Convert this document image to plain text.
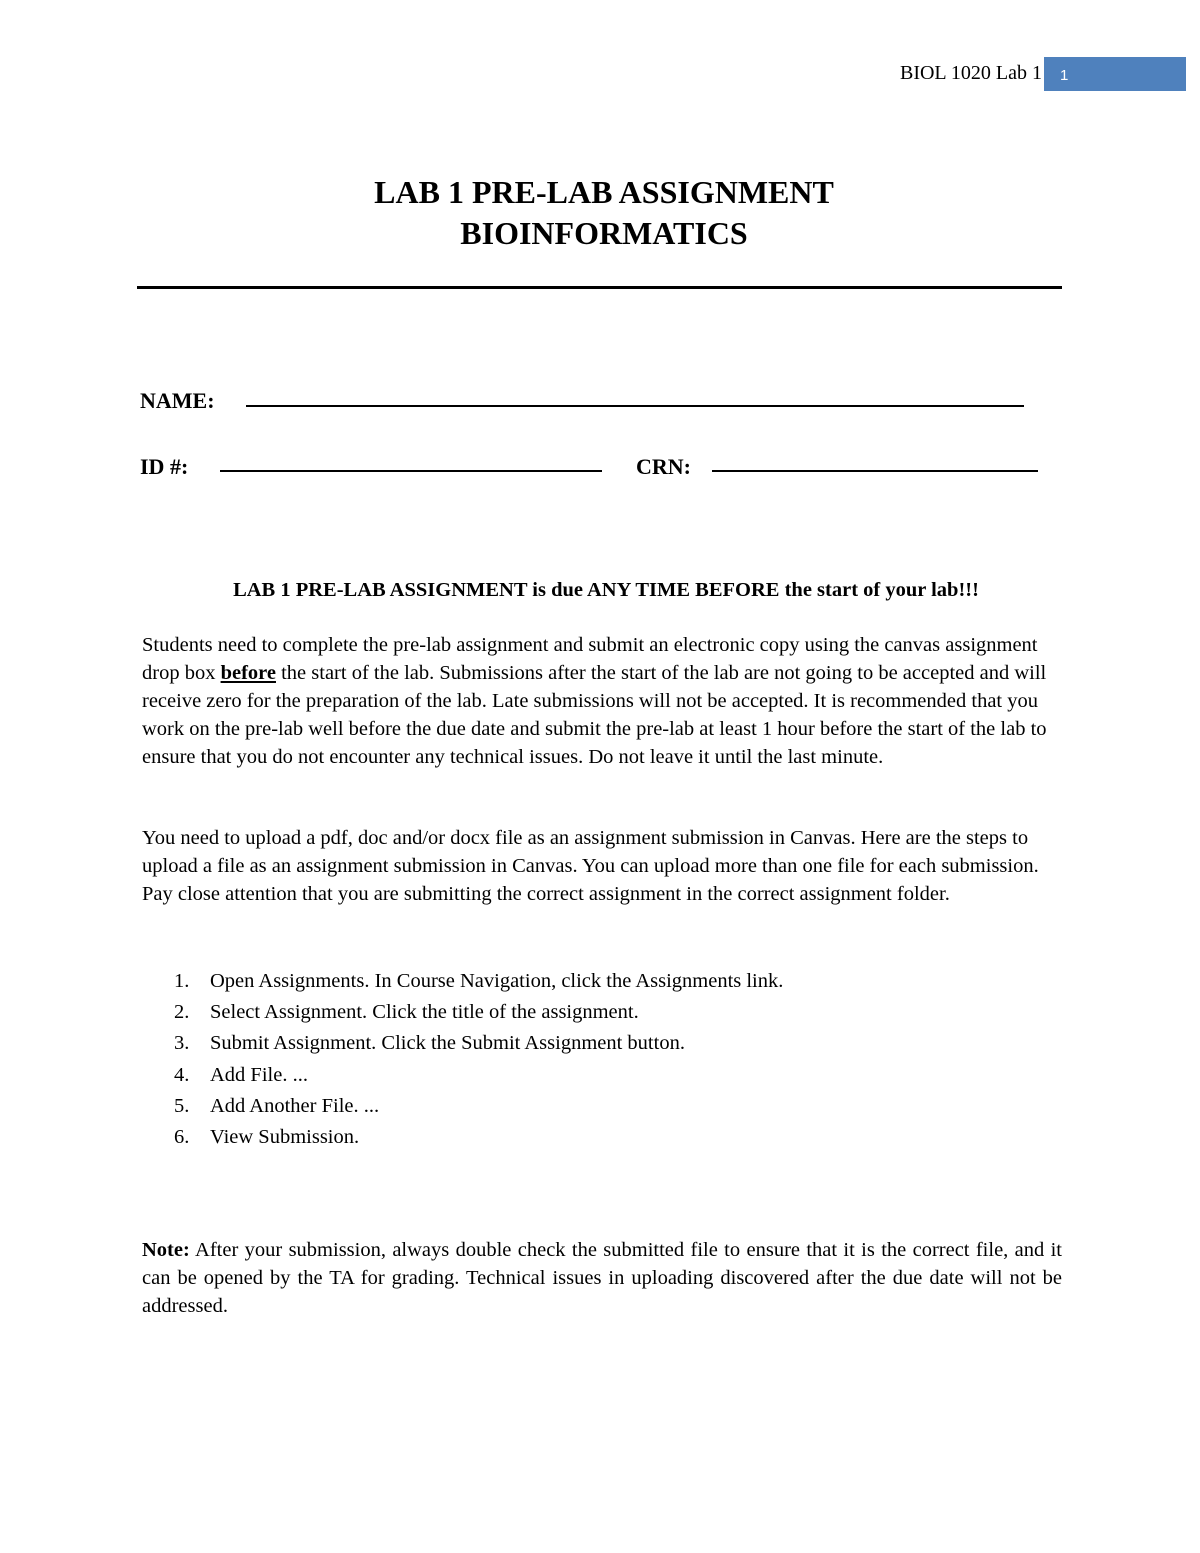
BIOL 1020 Lab 1	1
LAB 1 PRE-LAB ASSIGNMENT
BIOINFORMATICS
NAME:
ID #:	CRN:
LAB 1 PRE-LAB ASSIGNMENT is due ANY TIME BEFORE the start of your lab!!!

Students need to complete the pre-lab assignment and submit an electronic copy using the canvas assignment drop box before the start of the lab. Submissions after the start of the lab are not going to be accepted and will receive zero for the preparation of the lab. Late submissions will not be accepted. It is recommended that you work on the pre-lab well before the due date and submit the pre-lab at least 1 hour before the start of the lab to ensure that you do not encounter any technical issues. Do not leave it until the last minute.

You need to upload a pdf, doc and/or docx file as an assignment submission in Canvas. Here are the steps to upload a file as an assignment submission in Canvas. You can upload more than one file for each submission. Pay close attention that you are submitting the correct assignment in the correct assignment folder.

1. Open Assignments. In Course Navigation, click the Assignments link.
2. Select Assignment. Click the title of the assignment.
3. Submit Assignment. Click the Submit Assignment button.
4. Add File. ...
5. Add Another File. ...
6. View Submission.

Note: After your submission, always double check the submitted file to ensure that it is the correct file, and it can be opened by the TA for grading. Technical issues in uploading discovered after the due date will not be addressed.
